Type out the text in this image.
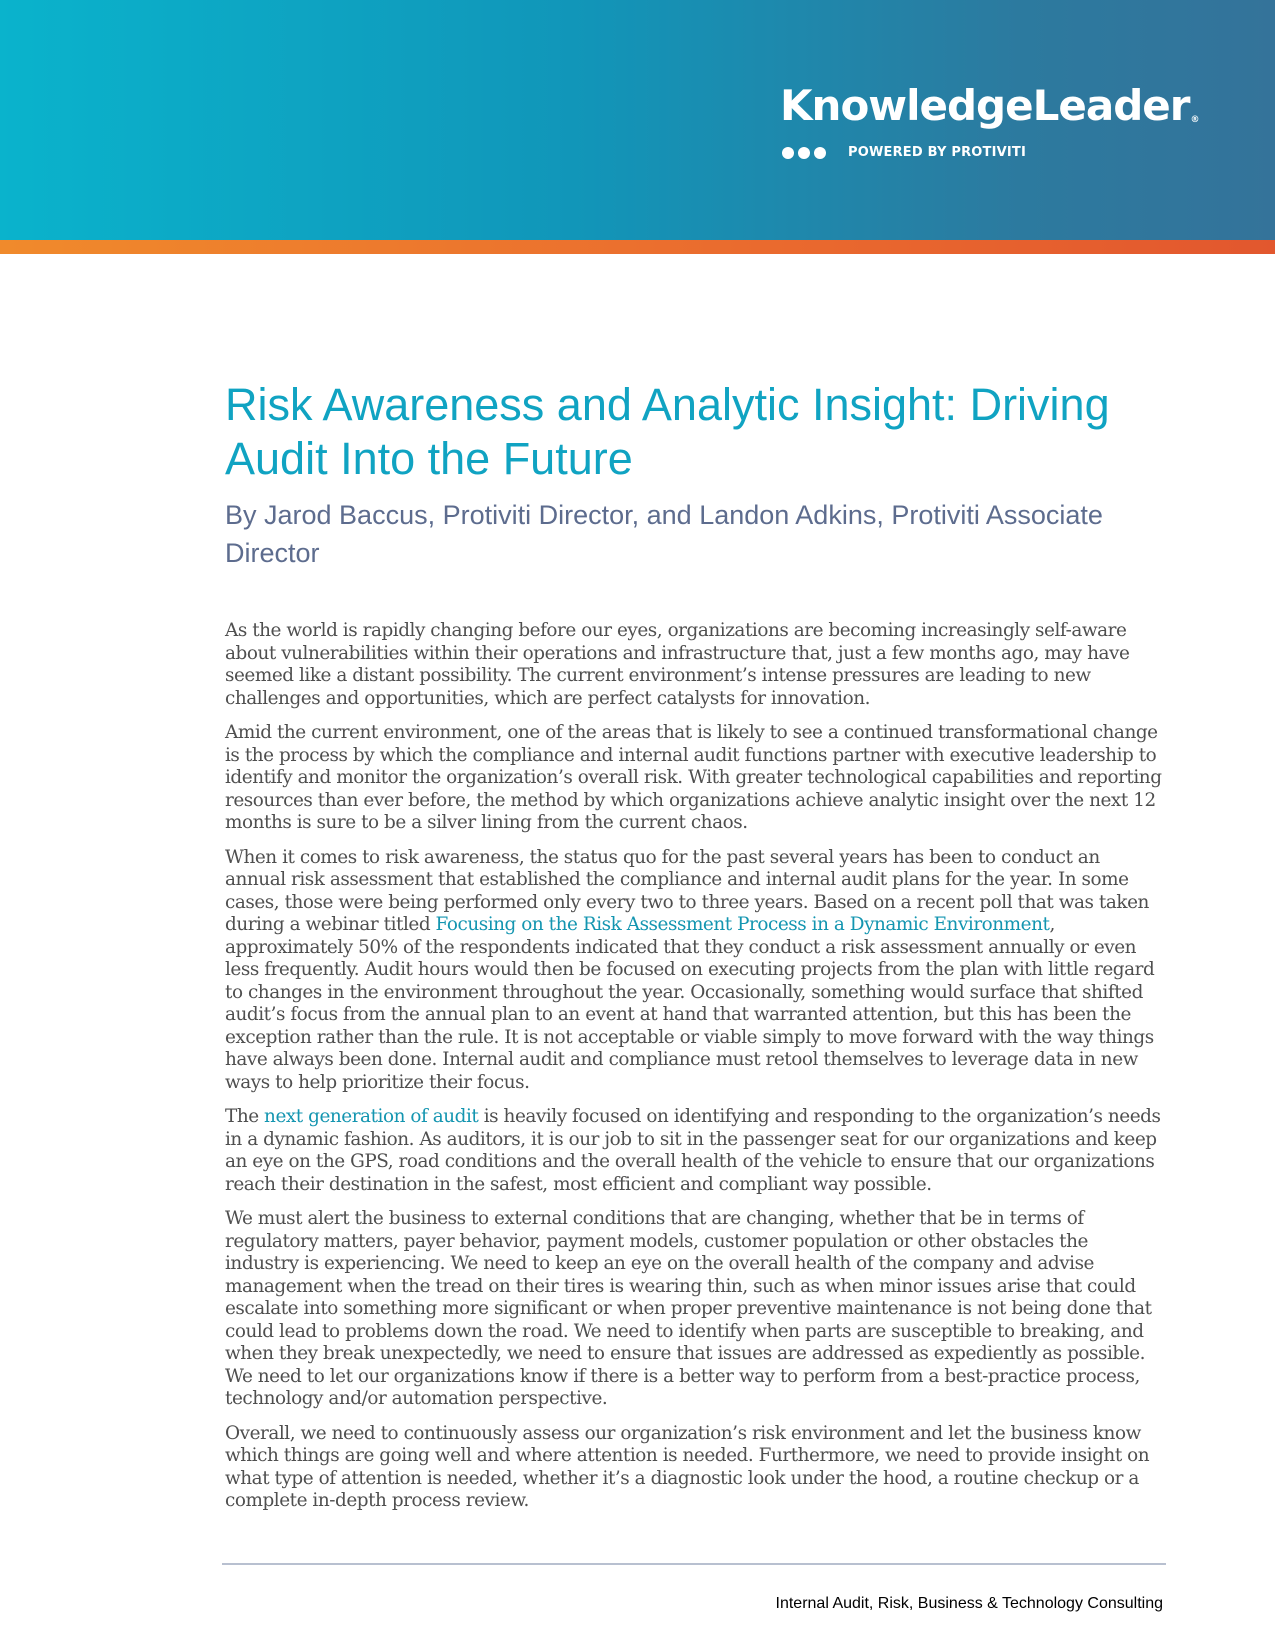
KnowledgeLeader®
POWERED BY PROTIVITI
Risk Awareness and Analytic Insight: Driving Audit Into the Future
By Jarod Baccus, Protiviti Director, and Landon Adkins, Protiviti Associate Director

As the world is rapidly changing before our eyes, organizations are becoming increasingly self-aware about vulnerabilities within their operations and infrastructure that, just a few months ago, may have seemed like a distant possibility. The current environment’s intense pressures are leading to new challenges and opportunities, which are perfect catalysts for innovation.

Amid the current environment, one of the areas that is likely to see a continued transformational change is the process by which the compliance and internal audit functions partner with executive leadership to identify and monitor the organization’s overall risk. With greater technological capabilities and reporting resources than ever before, the method by which organizations achieve analytic insight over the next 12 months is sure to be a silver lining from the current chaos.

When it comes to risk awareness, the status quo for the past several years has been to conduct an annual risk assessment that established the compliance and internal audit plans for the year. In some cases, those were being performed only every two to three years. Based on a recent poll that was taken during a webinar titled Focusing on the Risk Assessment Process in a Dynamic Environment, approximately 50% of the respondents indicated that they conduct a risk assessment annually or even less frequently. Audit hours would then be focused on executing projects from the plan with little regard to changes in the environment throughout the year. Occasionally, something would surface that shifted audit’s focus from the annual plan to an event at hand that warranted attention, but this has been the exception rather than the rule. It is not acceptable or viable simply to move forward with the way things have always been done. Internal audit and compliance must retool themselves to leverage data in new ways to help prioritize their focus.

The next generation of audit is heavily focused on identifying and responding to the organization’s needs in a dynamic fashion. As auditors, it is our job to sit in the passenger seat for our organizations and keep an eye on the GPS, road conditions and the overall health of the vehicle to ensure that our organizations reach their destination in the safest, most efficient and compliant way possible.

We must alert the business to external conditions that are changing, whether that be in terms of regulatory matters, payer behavior, payment models, customer population or other obstacles the industry is experiencing. We need to keep an eye on the overall health of the company and advise management when the tread on their tires is wearing thin, such as when minor issues arise that could escalate into something more significant or when proper preventive maintenance is not being done that could lead to problems down the road. We need to identify when parts are susceptible to breaking, and when they break unexpectedly, we need to ensure that issues are addressed as expediently as possible. We need to let our organizations know if there is a better way to perform from a best-practice process, technology and/or automation perspective.

Overall, we need to continuously assess our organization’s risk environment and let the business know which things are going well and where attention is needed. Furthermore, we need to provide insight on what type of attention is needed, whether it’s a diagnostic look under the hood, a routine checkup or a complete in-depth process review.

Internal Audit, Risk, Business & Technology Consulting
